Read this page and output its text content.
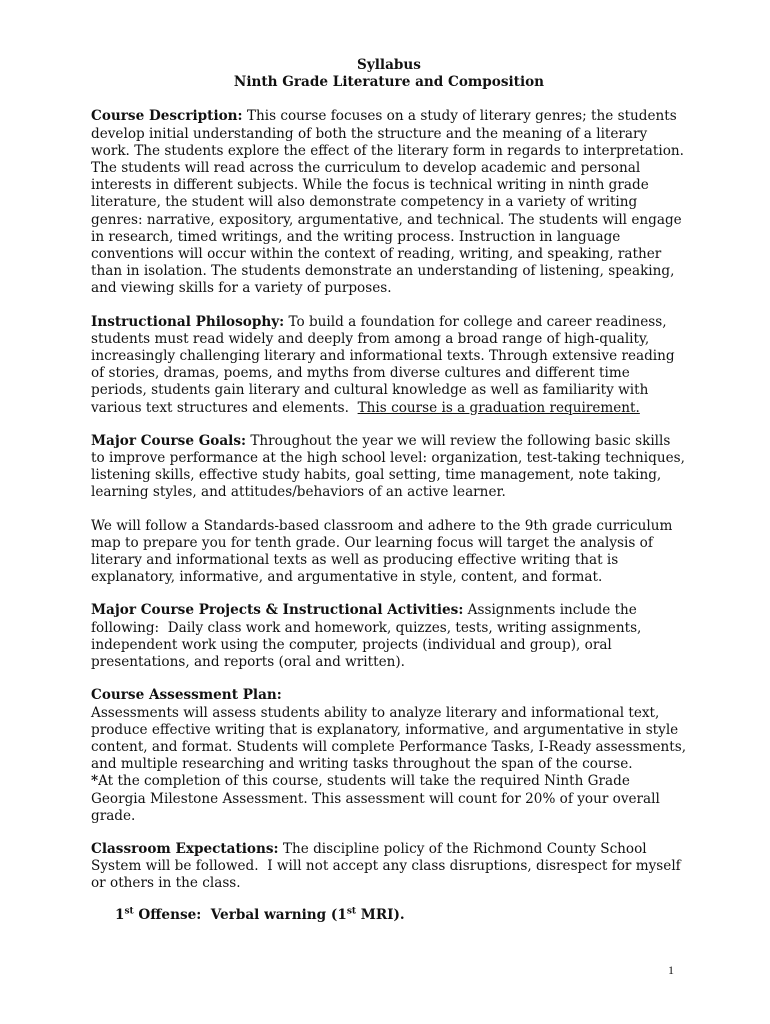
Syllabus

Ninth Grade Literature and Composition

Course Description: This course focuses on a study of literary genres; the students develop initial understanding of both the structure and the meaning of a literary work. The students explore the effect of the literary form in regards to interpretation. The students will read across the curriculum to develop academic and personal interests in different subjects. While the focus is technical writing in ninth grade literature, the student will also demonstrate competency in a variety of writing genres: narrative, expository, argumentative, and technical. The students will engage in research, timed writings, and the writing process. Instruction in language conventions will occur within the context of reading, writing, and speaking, rather than in isolation. The students demonstrate an understanding of listening, speaking, and viewing skills for a variety of purposes.

Instructional Philosophy: To build a foundation for college and career readiness, students must read widely and deeply from among a broad range of high-quality, increasingly challenging literary and informational texts. Through extensive reading of stories, dramas, poems, and myths from diverse cultures and different time periods, students gain literary and cultural knowledge as well as familiarity with various text structures and elements.  This course is a graduation requirement.

Major Course Goals: Throughout the year we will review the following basic skills to improve performance at the high school level: organization, test-taking techniques, listening skills, effective study habits, goal setting, time management, note taking, learning styles, and attitudes/behaviors of an active learner.

We will follow a Standards-based classroom and adhere to the 9th grade curriculum map to prepare you for tenth grade. Our learning focus will target the analysis of literary and informational texts as well as producing effective writing that is explanatory, informative, and argumentative in style, content, and format.

Major Course Projects & Instructional Activities: Assignments include the following:  Daily class work and homework, quizzes, tests, writing assignments, independent work using the computer, projects (individual and group), oral presentations, and reports (oral and written).

Course Assessment Plan:

Assessments will assess students ability to analyze literary and informational text, produce effective writing that is explanatory, informative, and argumentative in style content, and format. Students will complete Performance Tasks, I-Ready assessments, and multiple researching and writing tasks throughout the span of the course.

*At the completion of this course, students will take the required Ninth Grade Georgia Milestone Assessment. This assessment will count for 20% of your overall grade.

Classroom Expectations: The discipline policy of the Richmond County School System will be followed.  I will not accept any class disruptions, disrespect for myself or others in the class.

1st Offense:  Verbal warning (1st MRI).

1
